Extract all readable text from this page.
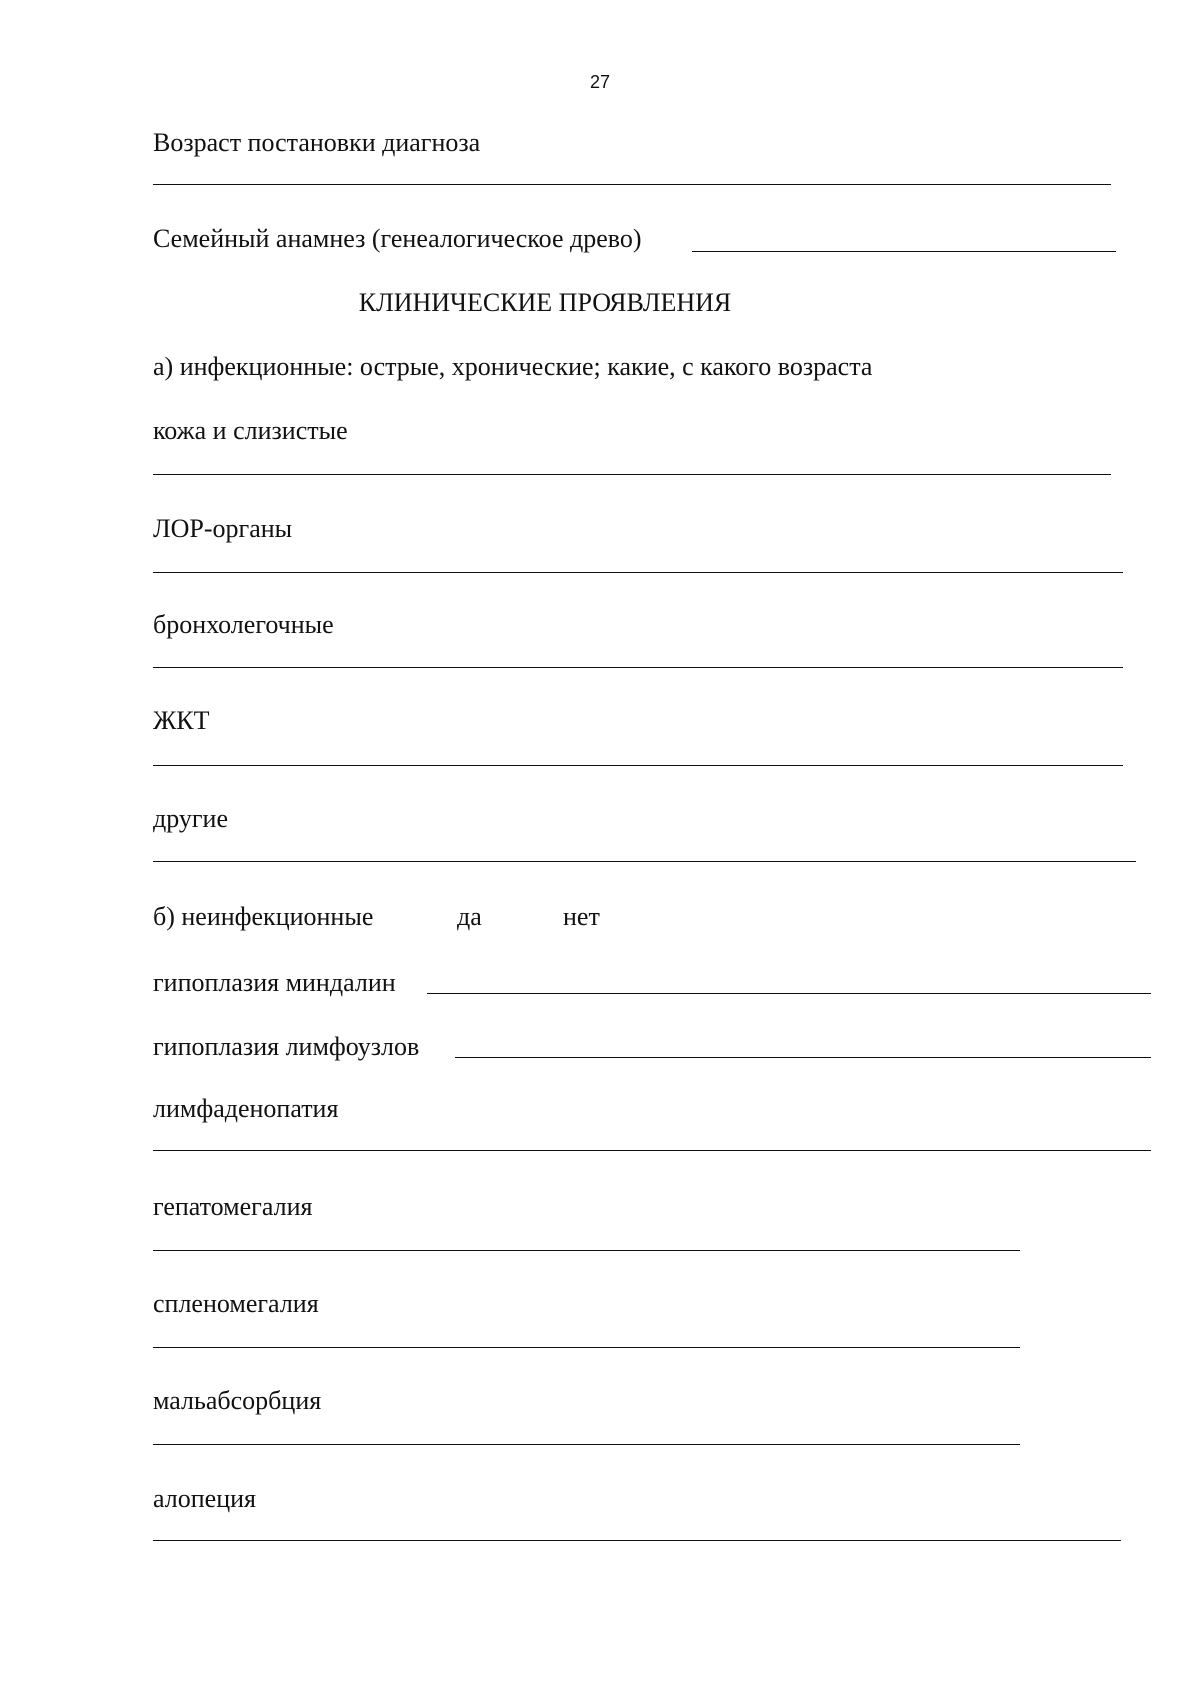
27
Возраст постановки диагноза
Семейный анамнез (генеалогическое древо)
КЛИНИЧЕСКИЕ ПРОЯВЛЕНИЯ
а) инфекционные: острые, хронические; какие, с какого возраста
кожа и слизистые
ЛОР-органы
бронхолегочные
ЖКТ
другие
б) неинфекционные	да	нет
гипоплазия миндалин
гипоплазия лимфоузлов
лимфаденопатия
гепатомегалия
спленомегалия
мальабсорбция
алопеция
